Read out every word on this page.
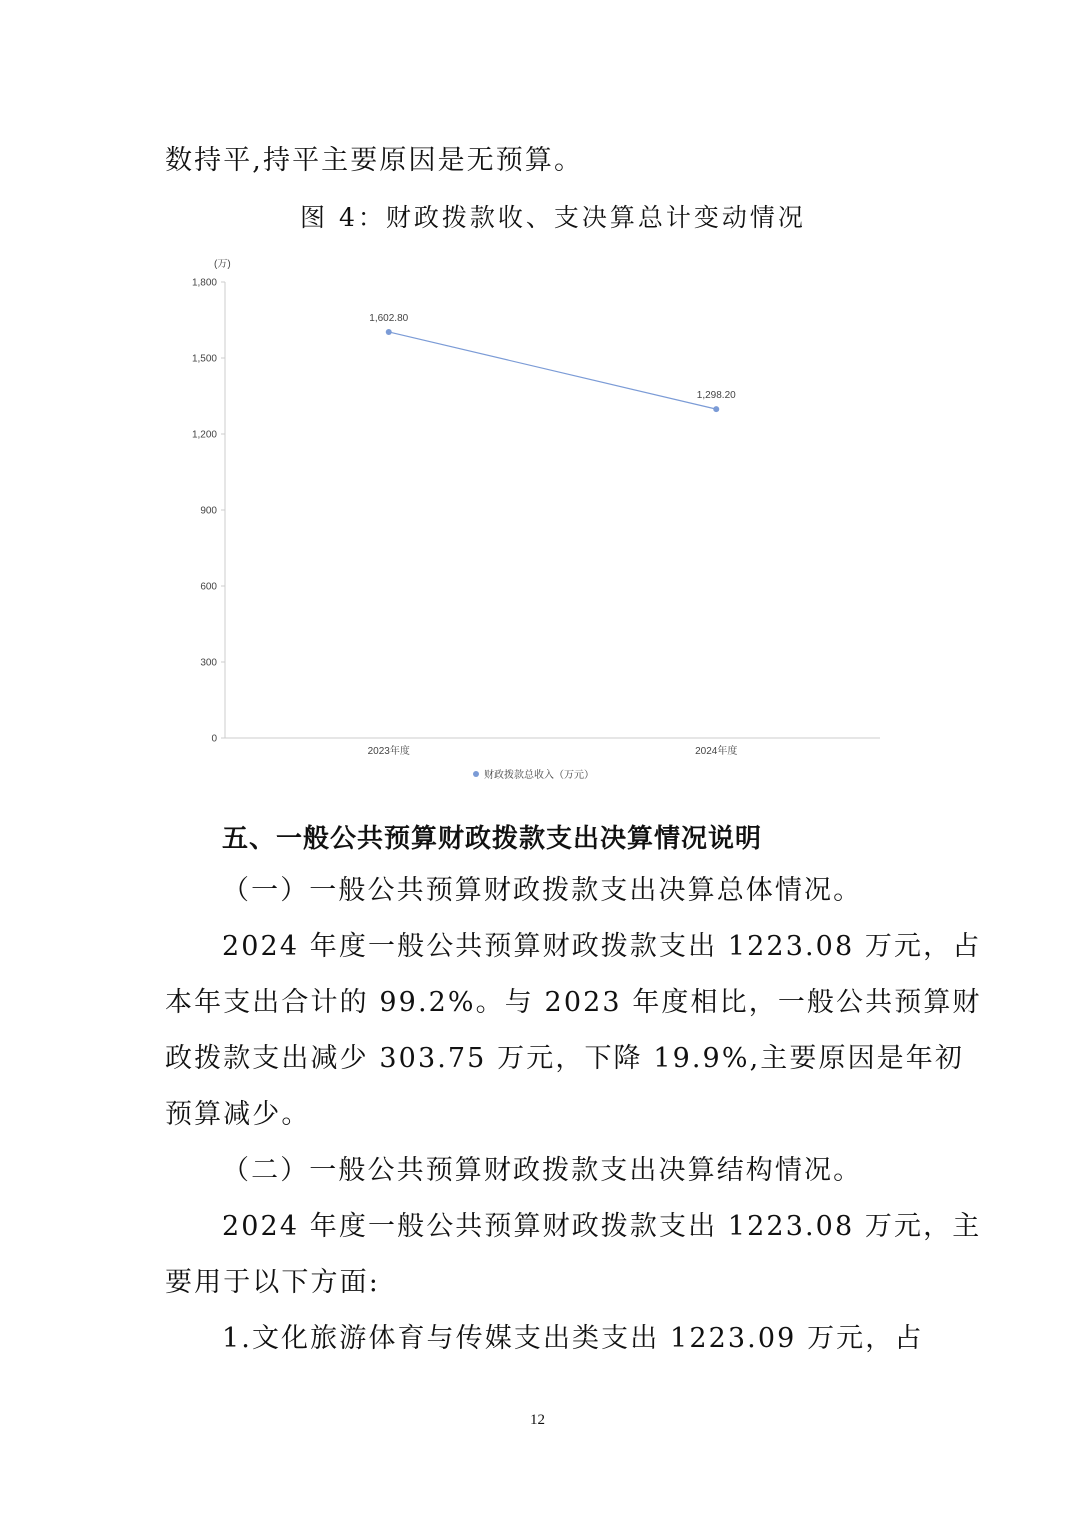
数持平,持平主要原因是无预算。
图 4：财政拨款收、支决算总计变动情况
(万)
0
300
600
900
1,200
1,500
1,800
2023年度	2024年度
1,602.80
1,298.20
财政拨款总收入（万元）
五、一般公共预算财政拨款支出决算情况说明
（一）一般公共预算财政拨款支出决算总体情况。
2024 年度一般公共预算财政拨款支出 1223.08 万元，占
本年支出合计的 99.2%。与 2023 年度相比，一般公共预算财
政拨款支出减少 303.75 万元，下降 19.9%,主要原因是年初
预算减少。
（二）一般公共预算财政拨款支出决算结构情况。
2024 年度一般公共预算财政拨款支出 1223.08 万元，主
要用于以下方面:
1.文化旅游体育与传媒支出类支出 1223.09 万元，占
12
